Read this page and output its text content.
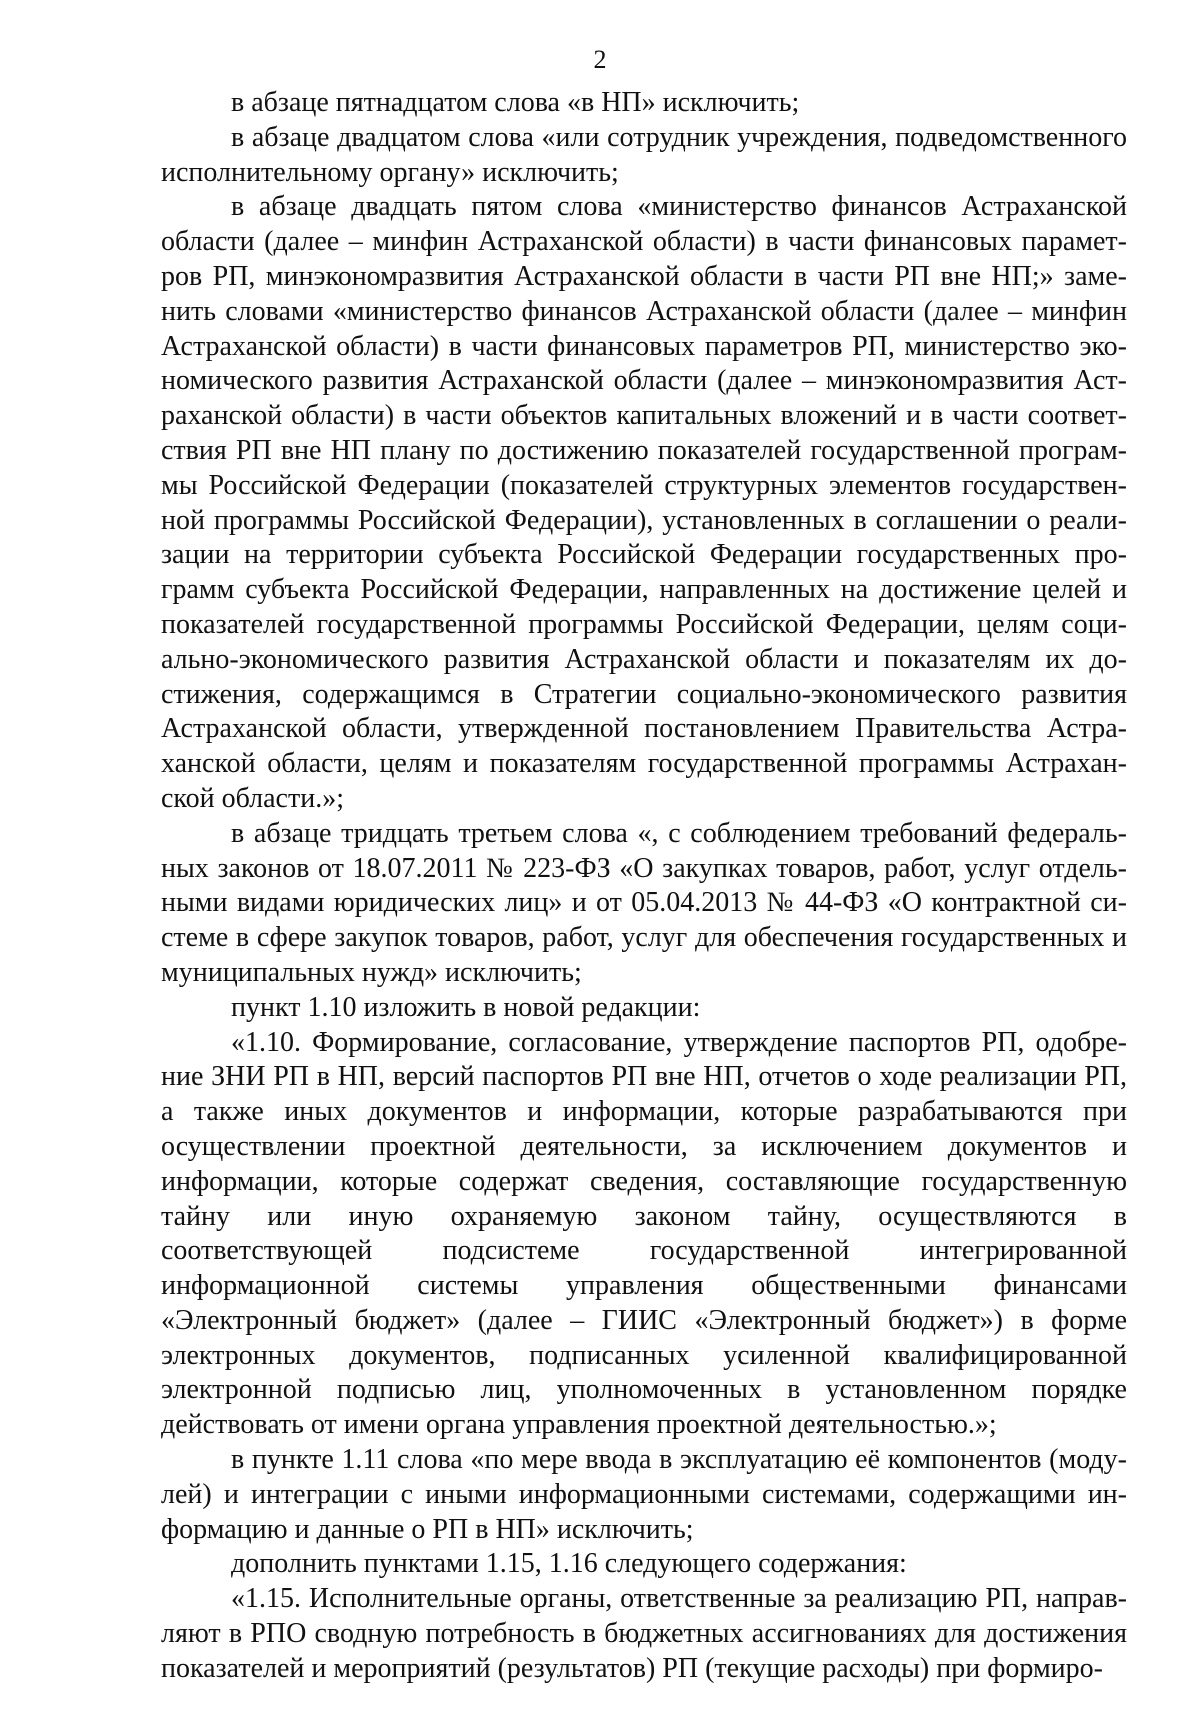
2

в абзаце пятнадцатом слова «в НП» исключить;

в абзаце двадцатом слова «или сотрудник учреждения, подведомственного исполнительному органу» исключить;

в абзаце двадцать пятом слова «министерство финансов Астраханской области (далее – минфин Астраханской области) в части финансовых параметров РП, минэкономразвития Астраханской области в части РП вне НП;» заменить словами «министерство финансов Астраханской области (далее – минфин Астраханской области) в части финансовых параметров РП, министерство экономического развития Астраханской области (далее – минэкономразвития Астраханской области) в части объектов капитальных вложений и в части соответствия РП вне НП плану по достижению показателей государственной программы Российской Федерации (показателей структурных элементов государственной программы Российской Федерации), установленных в соглашении о реализации на территории субъекта Российской Федерации государственных программ субъекта Российской Федерации, направленных на достижение целей и показателей государственной программы Российской Федерации, целям социально-экономического развития Астраханской области и показателям их достижения, содержащимся в Стратегии социально-экономического развития Астраханской области, утвержденной постановлением Правительства Астраханской области, целям и показателям государственной программы Астраханской области.»;

в абзаце тридцать третьем слова «, с соблюдением требований федеральных законов от 18.07.2011 № 223-ФЗ «О закупках товаров, работ, услуг отдельными видами юридических лиц» и от 05.04.2013 № 44-ФЗ «О контрактной системе в сфере закупок товаров, работ, услуг для обеспечения государственных и муниципальных нужд» исключить;

пункт 1.10 изложить в новой редакции:

«1.10. Формирование, согласование, утверждение паспортов РП, одобрение ЗНИ РП в НП, версий паспортов РП вне НП, отчетов о ходе реализации РП, а также иных документов и информации, которые разрабатываются при осуществлении проектной деятельности, за исключением документов и информации, которые содержат сведения, составляющие государственную тайну или иную охраняемую законом тайну, осуществляются в соответствующей подсистеме государственной интегрированной информационной системы управления общественными финансами «Электронный бюджет» (далее – ГИИС «Электронный бюджет») в форме электронных документов, подписанных усиленной квалифицированной электронной подписью лиц, уполномоченных в установленном порядке действовать от имени органа управления проектной деятельностью.»;

в пункте 1.11 слова «по мере ввода в эксплуатацию её компонентов (модулей) и интеграции с иными информационными системами, содержащими информацию и данные о РП в НП» исключить;

дополнить пунктами 1.15, 1.16 следующего содержания:

«1.15. Исполнительные органы, ответственные за реализацию РП, направляют в РПО сводную потребность в бюджетных ассигнованиях для достижения показателей и мероприятий (результатов) РП (текущие расходы) при формиро-
